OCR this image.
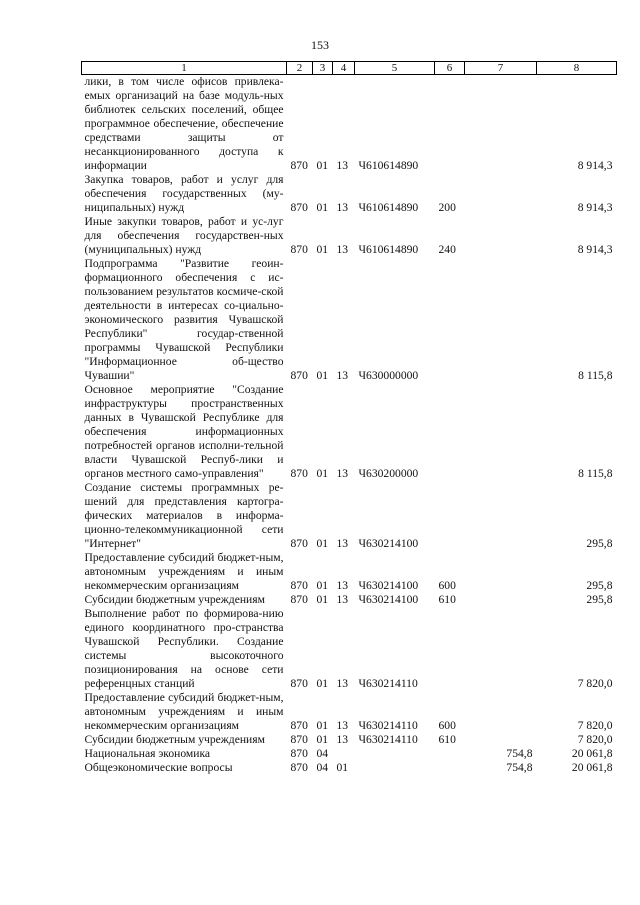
153
1	2	3	4	5	6	7	8
лики, в том числе офисов привлека-емых организаций на базе модуль-ных библиотек сельских поселений, общее программное обеспечение, обеспечение средствами защиты от несанкционированного доступа к информации	870	01	13	Ч610614890			8 914,3
Закупка товаров, работ и услуг для обеспечения государственных (му-ниципальных) нужд	870	01	13	Ч610614890	200		8 914,3
Иные закупки товаров, работ и ус-луг для обеспечения государствен-ных (муниципальных) нужд	870	01	13	Ч610614890	240		8 914,3
Подпрограмма "Развитие геоин-формационного обеспечения с ис-пользованием результатов космиче-ской деятельности в интересах со-циально-экономического развития Чувашской Республики" государ-ственной программы Чувашской Республики "Информационное об-щество Чувашии"	870	01	13	Ч630000000			8 115,8
Основное мероприятие "Создание инфраструктуры пространственных данных в Чувашской Республике для обеспечения информационных потребностей органов исполни-тельной власти Чувашской Респуб-лики и органов местного само-управления"	870	01	13	Ч630200000			8 115,8
Создание системы программных ре-шений для представления картогра-фических материалов в информа-ционно-телекоммуникационной сети "Интернет"	870	01	13	Ч630214100			295,8
Предоставление субсидий бюджет-ным, автономным учреждениям и иным некоммерческим организациям	870	01	13	Ч630214100	600		295,8
Субсидии бюджетным учреждениям	870	01	13	Ч630214100	610		295,8
Выполнение работ по формирова-нию единого координатного про-странства Чувашской Республики. Создание системы высокоточного позиционирования на основе сети референцных станций	870	01	13	Ч630214110			7 820,0
Предоставление субсидий бюджет-ным, автономным учреждениям и иным некоммерческим организациям	870	01	13	Ч630214110	600		7 820,0
Субсидии бюджетным учреждениям	870	01	13	Ч630214110	610		7 820,0
Национальная экономика	870	04				754,8	20 061,8
Общеэкономические вопросы	870	04	01			754,8	20 061,8
